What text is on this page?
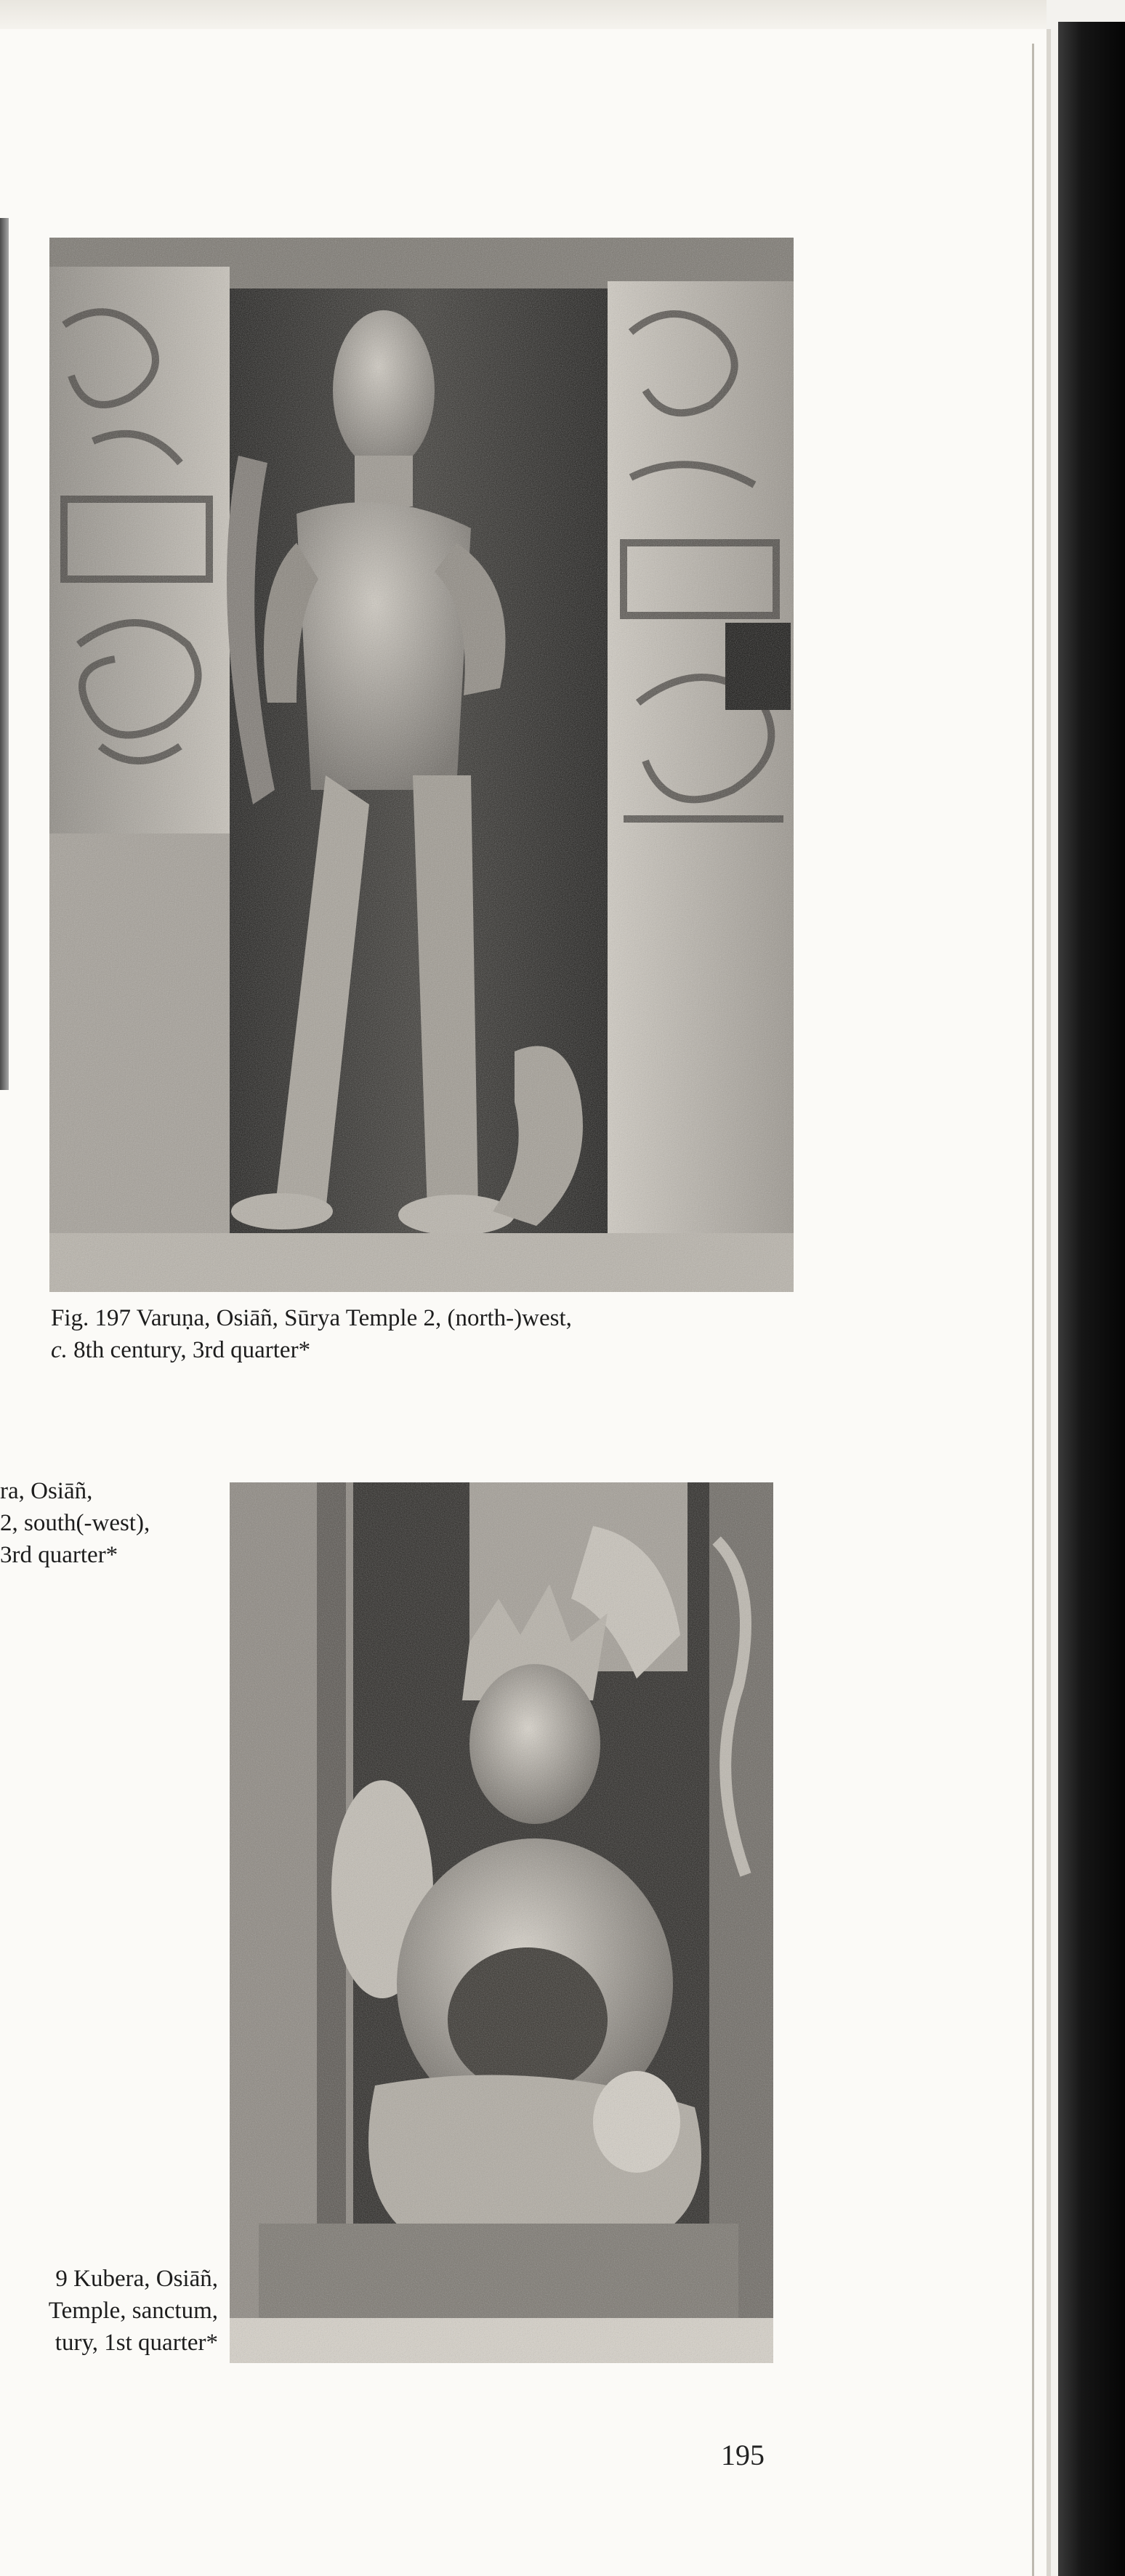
Fig. 197 Varuṇa, Osiāñ, Sūrya Temple 2, (north-)west,
c. 8th century, 3rd quarter*
ra, Osiāñ,
2, south(-west),
3rd quarter*
9 Kubera, Osiāñ,
Temple, sanctum,
tury, 1st quarter*
195
